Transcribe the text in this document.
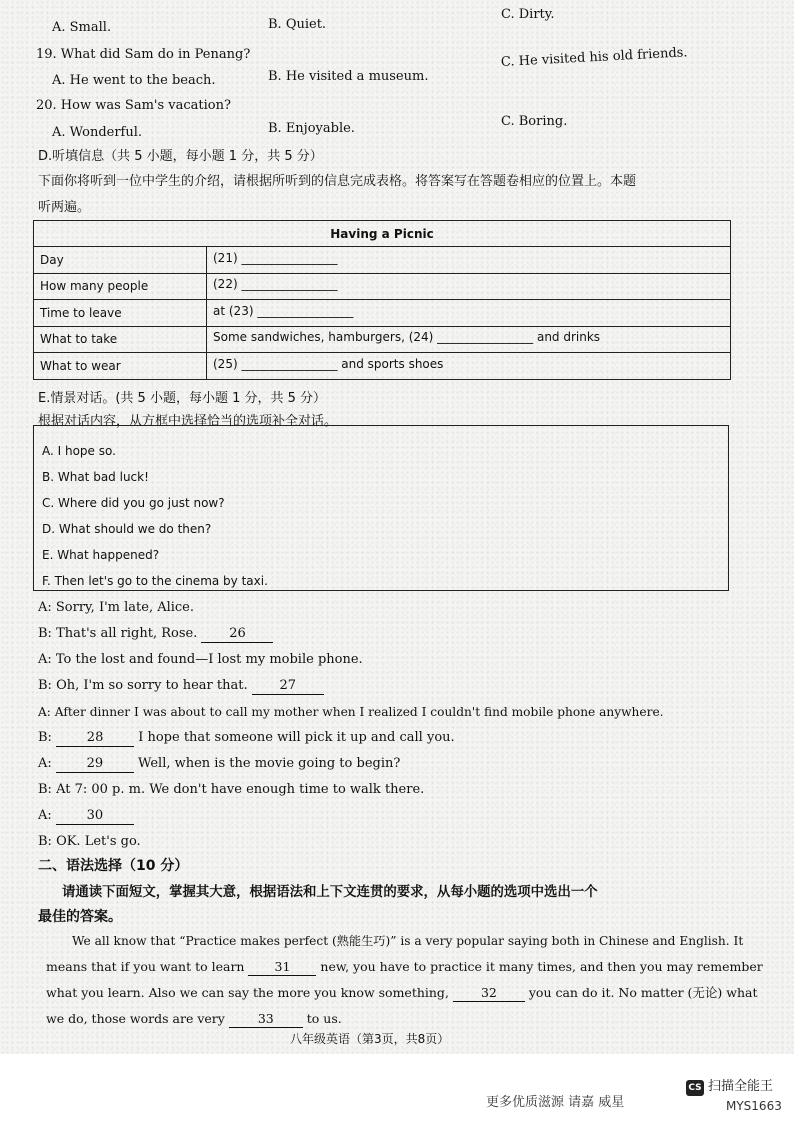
A. Small.	B. Quiet.
C. Dirty.
19. What did Sam do in Penang?
A. He went to the beach.	B. He visited a museum.
C. He visited his old friends.
20. How was Sam's vacation?
A. Wonderful.	B. Enjoyable.	C. Boring.
D.听填信息（共 5 小题，每小题 1 分，共 5 分）
下面你将听到一位中学生的介绍，请根据所听到的信息完成表格。将答案写在答题卷相应的位置上。本题
听两遍。
Having a Picnic
Day	(21) ________________
How many people	(22) ________________
Time to leave	at (23) ________________
What to take	Some sandwiches, hamburgers, (24) ________________ and drinks
What to wear	(25) ________________ and sports shoes
E.情景对话。(共 5 小题，每小题 1 分，共 5 分）
根据对话内容，从方框中选择恰当的选项补全对话。
A. I hope so.
B. What bad luck!
C. Where did you go just now?
D. What should we do then?
E. What happened?
F. Then let's go to the cinema by taxi.
A: Sorry, I'm late, Alice.
B: That's all right, Rose. 26
A: To the lost and found—I lost my mobile phone.
B: Oh, I'm so sorry to hear that. 27
A: After dinner I was about to call my mother when I realized I couldn't find mobile phone anywhere.
B: 28 I hope that someone will pick it up and call you.
A: 29 Well, when is the movie going to begin?
B: At 7: 00 p. m. We don't have enough time to walk there.
A: 30
B: OK. Let's go.
二、语法选择（10 分）
请通读下面短文，掌握其大意，根据语法和上下文连贯的要求，从每小题的选项中选出一个
最佳的答案。
We all know that “Practice makes perfect (熟能生巧)” is a very popular saying both in Chinese and English. It
means that if you want to learn 31 new, you have to practice it many times, and then you may remember
what you learn. Also we can say the more you know something, 32 you can do it. No matter (无论) what
we do, those words are very 33 to us.
八年级英语（第3页，共8页）
更多优质滋源 请嘉 威星
CS 扫描全能王
MYS1663
